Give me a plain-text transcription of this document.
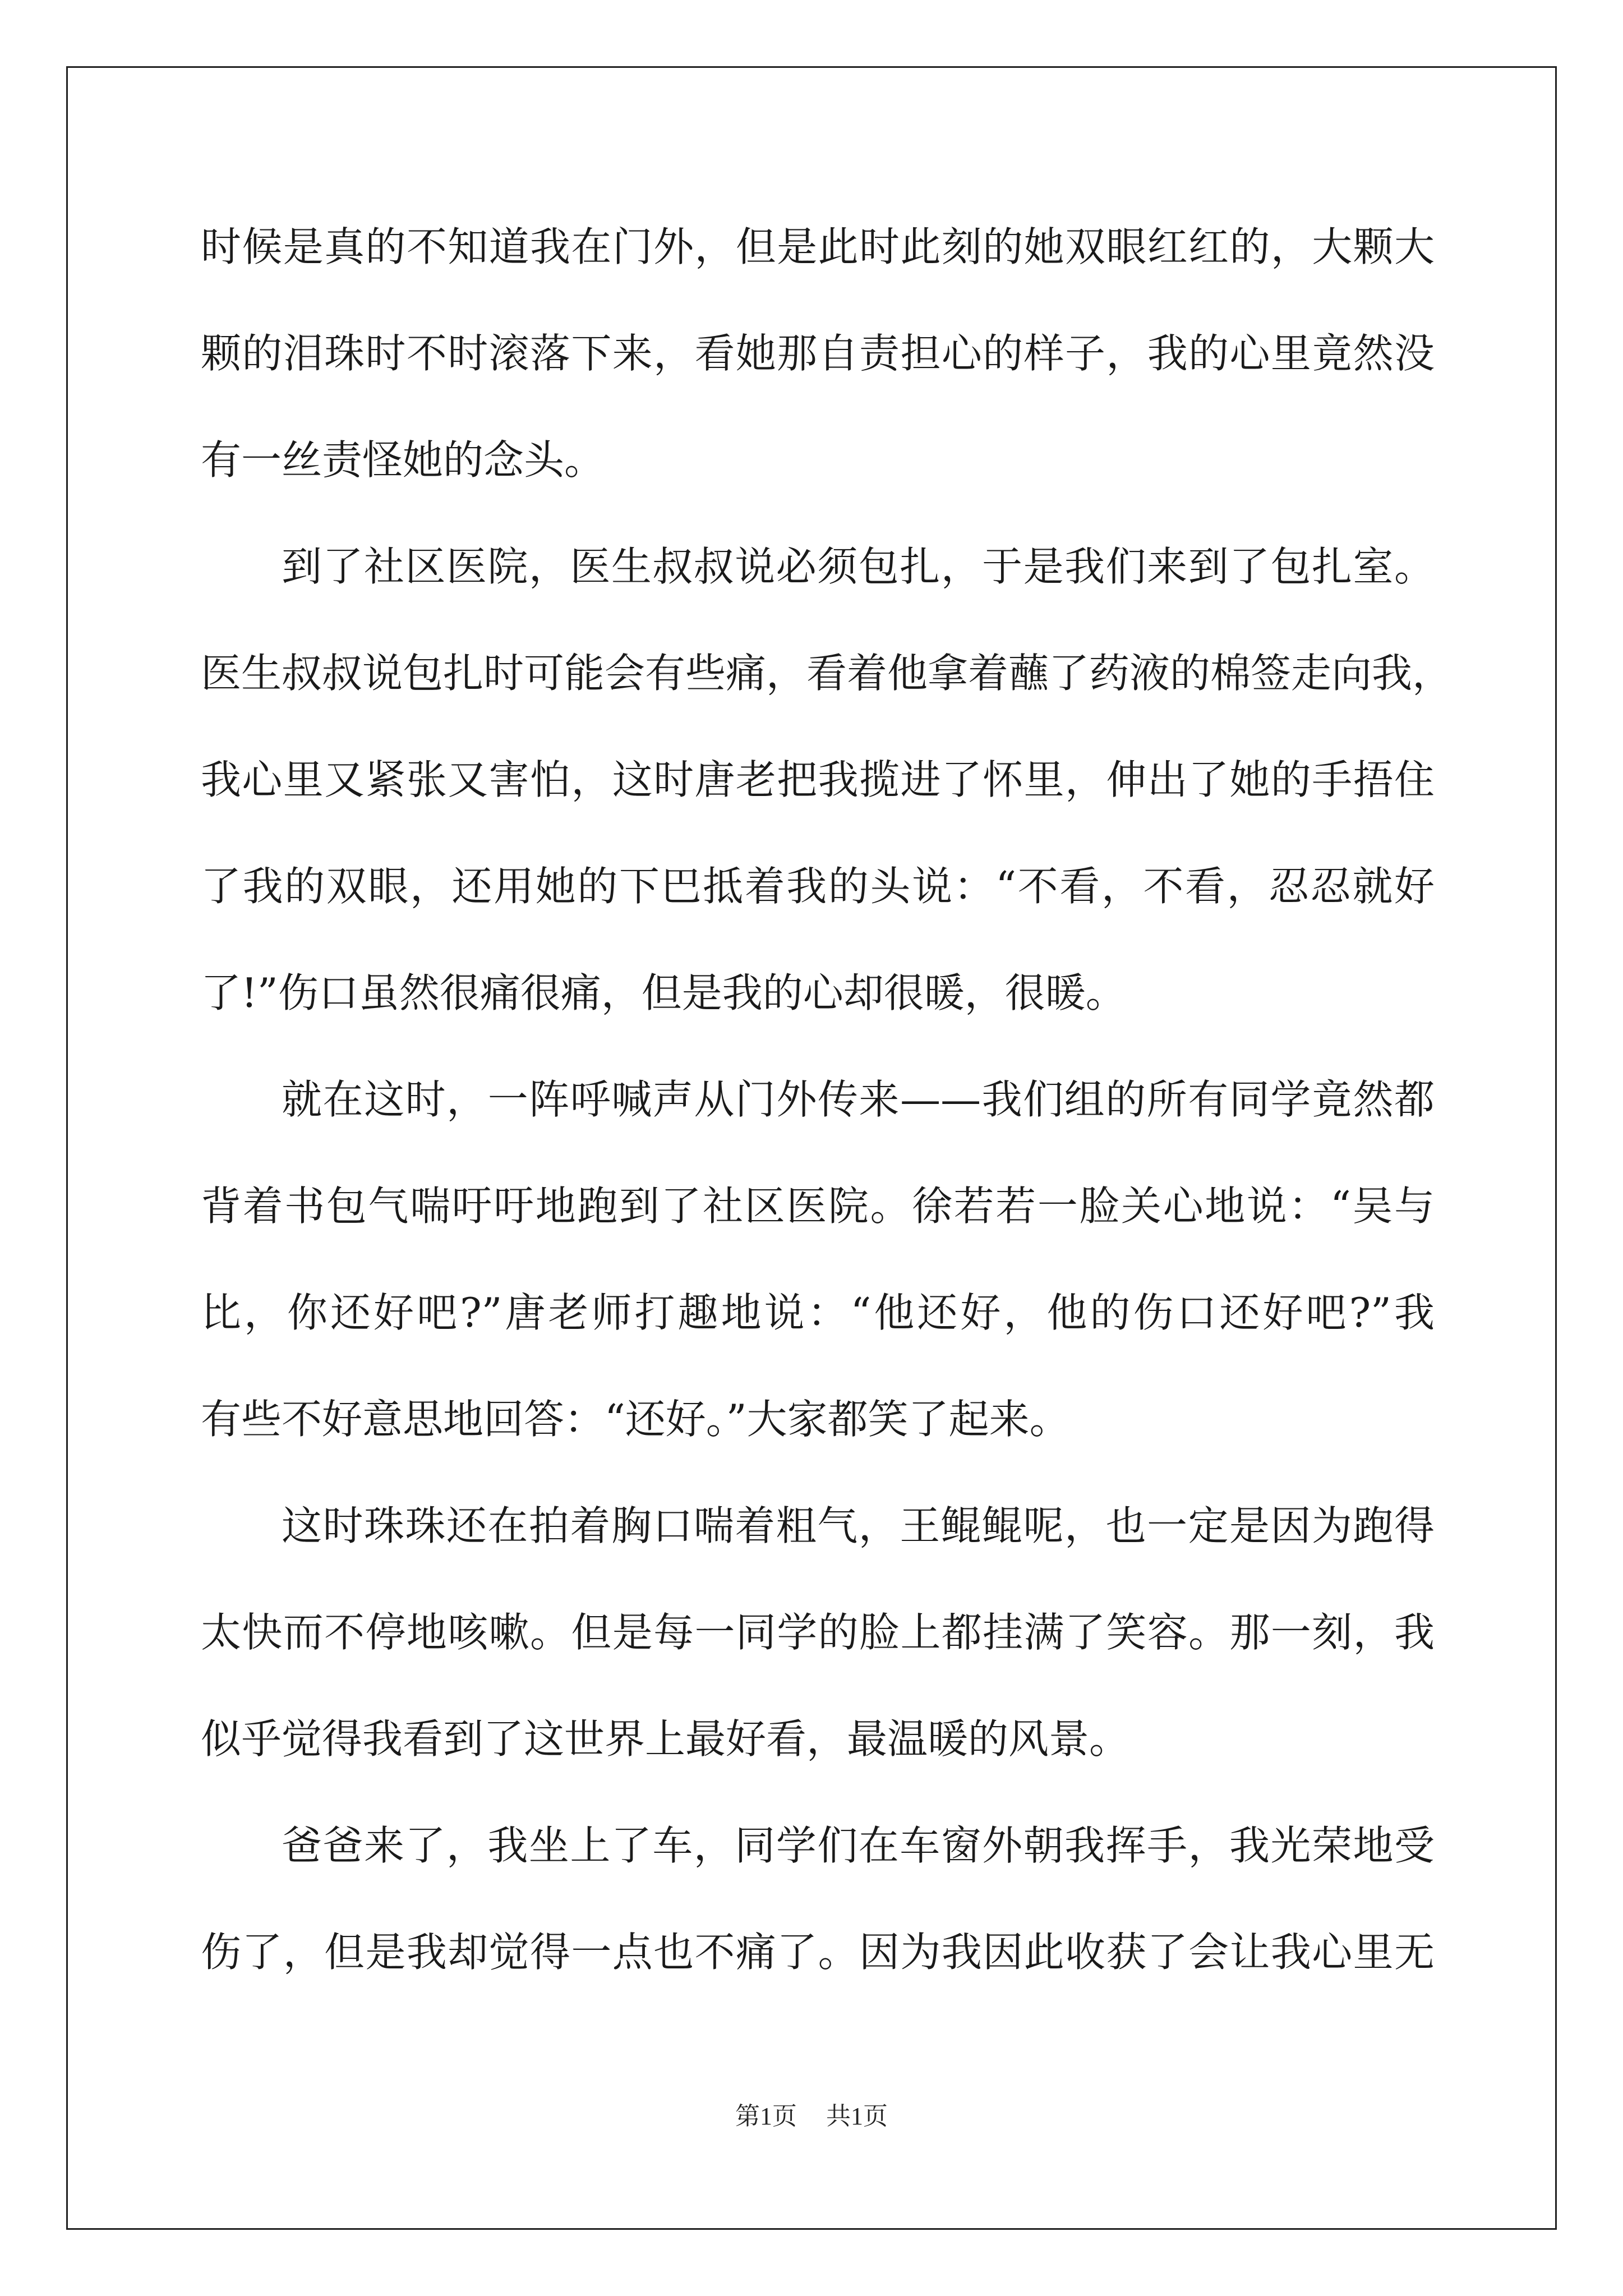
时候是真的不知道我在门外，但是此时此刻的她双眼红红的，大颗大
颗的泪珠时不时滚落下来，看她那自责担心的样子，我的心里竟然没
有一丝责怪她的念头。
到了社区医院，医生叔叔说必须包扎，于是我们来到了包扎室。
医生叔叔说包扎时可能会有些痛，看着他拿着蘸了药液的棉签走向我，
我心里又紧张又害怕，这时唐老把我揽进了怀里，伸出了她的手捂住
了我的双眼，还用她的下巴抵着我的头说：“不看，不看，忍忍就好
了!”伤口虽然很痛很痛，但是我的心却很暖，很暖。
就在这时，一阵呼喊声从门外传来——我们组的所有同学竟然都
背着书包气喘吁吁地跑到了社区医院。徐若若一脸关心地说：“吴与
比，你还好吧?”唐老师打趣地说：“他还好，他的伤口还好吧?”我
有些不好意思地回答：“还好。”大家都笑了起来。
这时珠珠还在拍着胸口喘着粗气，王鲲鲲呢，也一定是因为跑得
太快而不停地咳嗽。但是每一同学的脸上都挂满了笑容。那一刻，我
似乎觉得我看到了这世界上最好看，最温暖的风景。
爸爸来了，我坐上了车，同学们在车窗外朝我挥手，我光荣地受
伤了，但是我却觉得一点也不痛了。因为我因此收获了会让我心里无
第1页 共1页
